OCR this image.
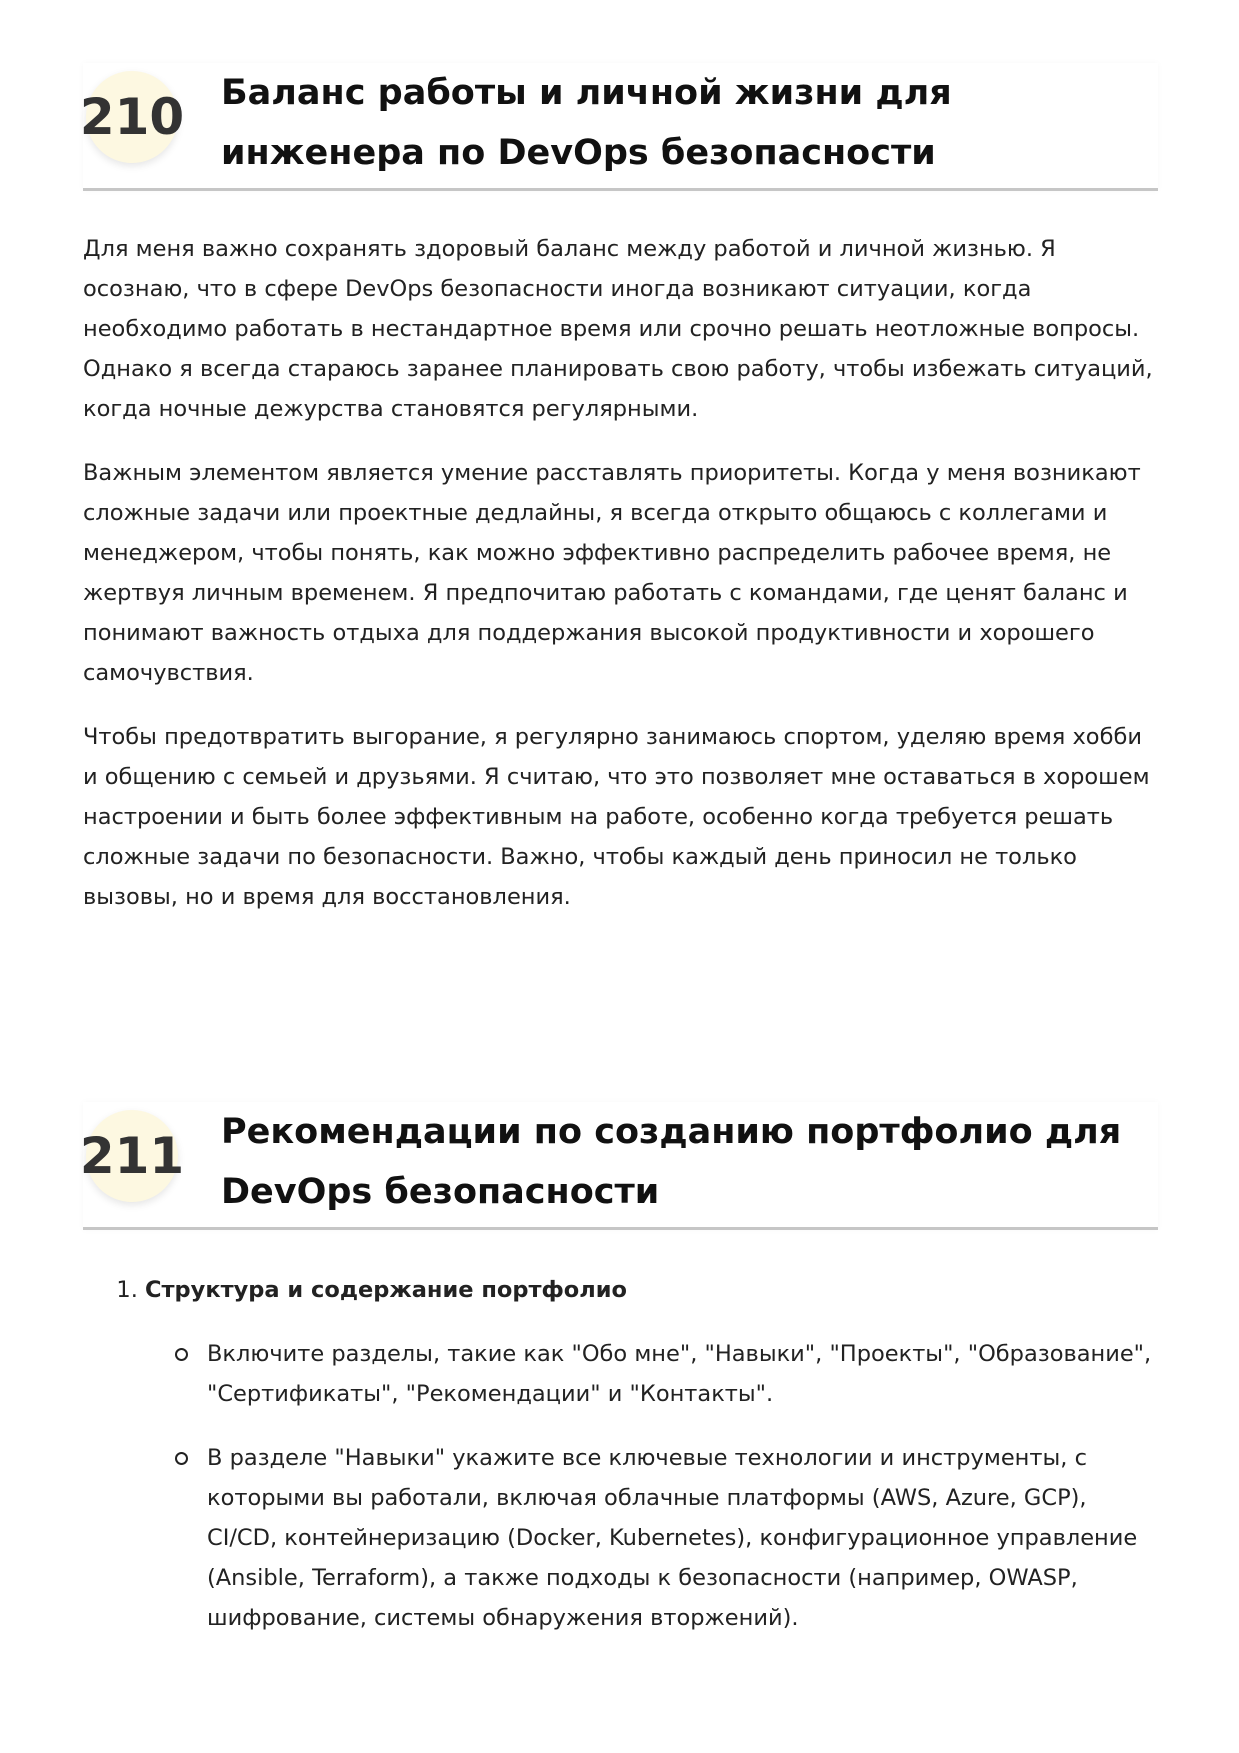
210 Баланс работы и личной жизни для инженера по DevOps безопасности

Для меня важно сохранять здоровый баланс между работой и личной жизнью. Я осознаю, что в сфере DevOps безопасности иногда возникают ситуации, когда необходимо работать в нестандартное время или срочно решать неотложные вопросы. Однако я всегда стараюсь заранее планировать свою работу, чтобы избежать ситуаций, когда ночные дежурства становятся регулярными.

Важным элементом является умение расставлять приоритеты. Когда у меня возникают сложные задачи или проектные дедлайны, я всегда открыто общаюсь с коллегами и менеджером, чтобы понять, как можно эффективно распределить рабочее время, не жертвуя личным временем. Я предпочитаю работать с командами, где ценят баланс и понимают важность отдыха для поддержания высокой продуктивности и хорошего самочувствия.

Чтобы предотвратить выгорание, я регулярно занимаюсь спортом, уделяю время хобби и общению с семьей и друзьями. Я считаю, что это позволяет мне оставаться в хорошем настроении и быть более эффективным на работе, особенно когда требуется решать сложные задачи по безопасности. Важно, чтобы каждый день приносил не только вызовы, но и время для восстановления.

211 Рекомендации по созданию портфолио для DevOps безопасности
1. Структура и содержание портфолио
Включите разделы, такие как "Обо мне", "Навыки", "Проекты", "Образование", "Сертификаты", "Рекомендации" и "Контакты".
В разделе "Навыки" укажите все ключевые технологии и инструменты, с которыми вы работали, включая облачные платформы (AWS, Azure, GCP), CI/CD, контейнеризацию (Docker, Kubernetes), конфигурационное управление (Ansible, Terraform), а также подходы к безопасности (например, OWASP, шифрование, системы обнаружения вторжений).
